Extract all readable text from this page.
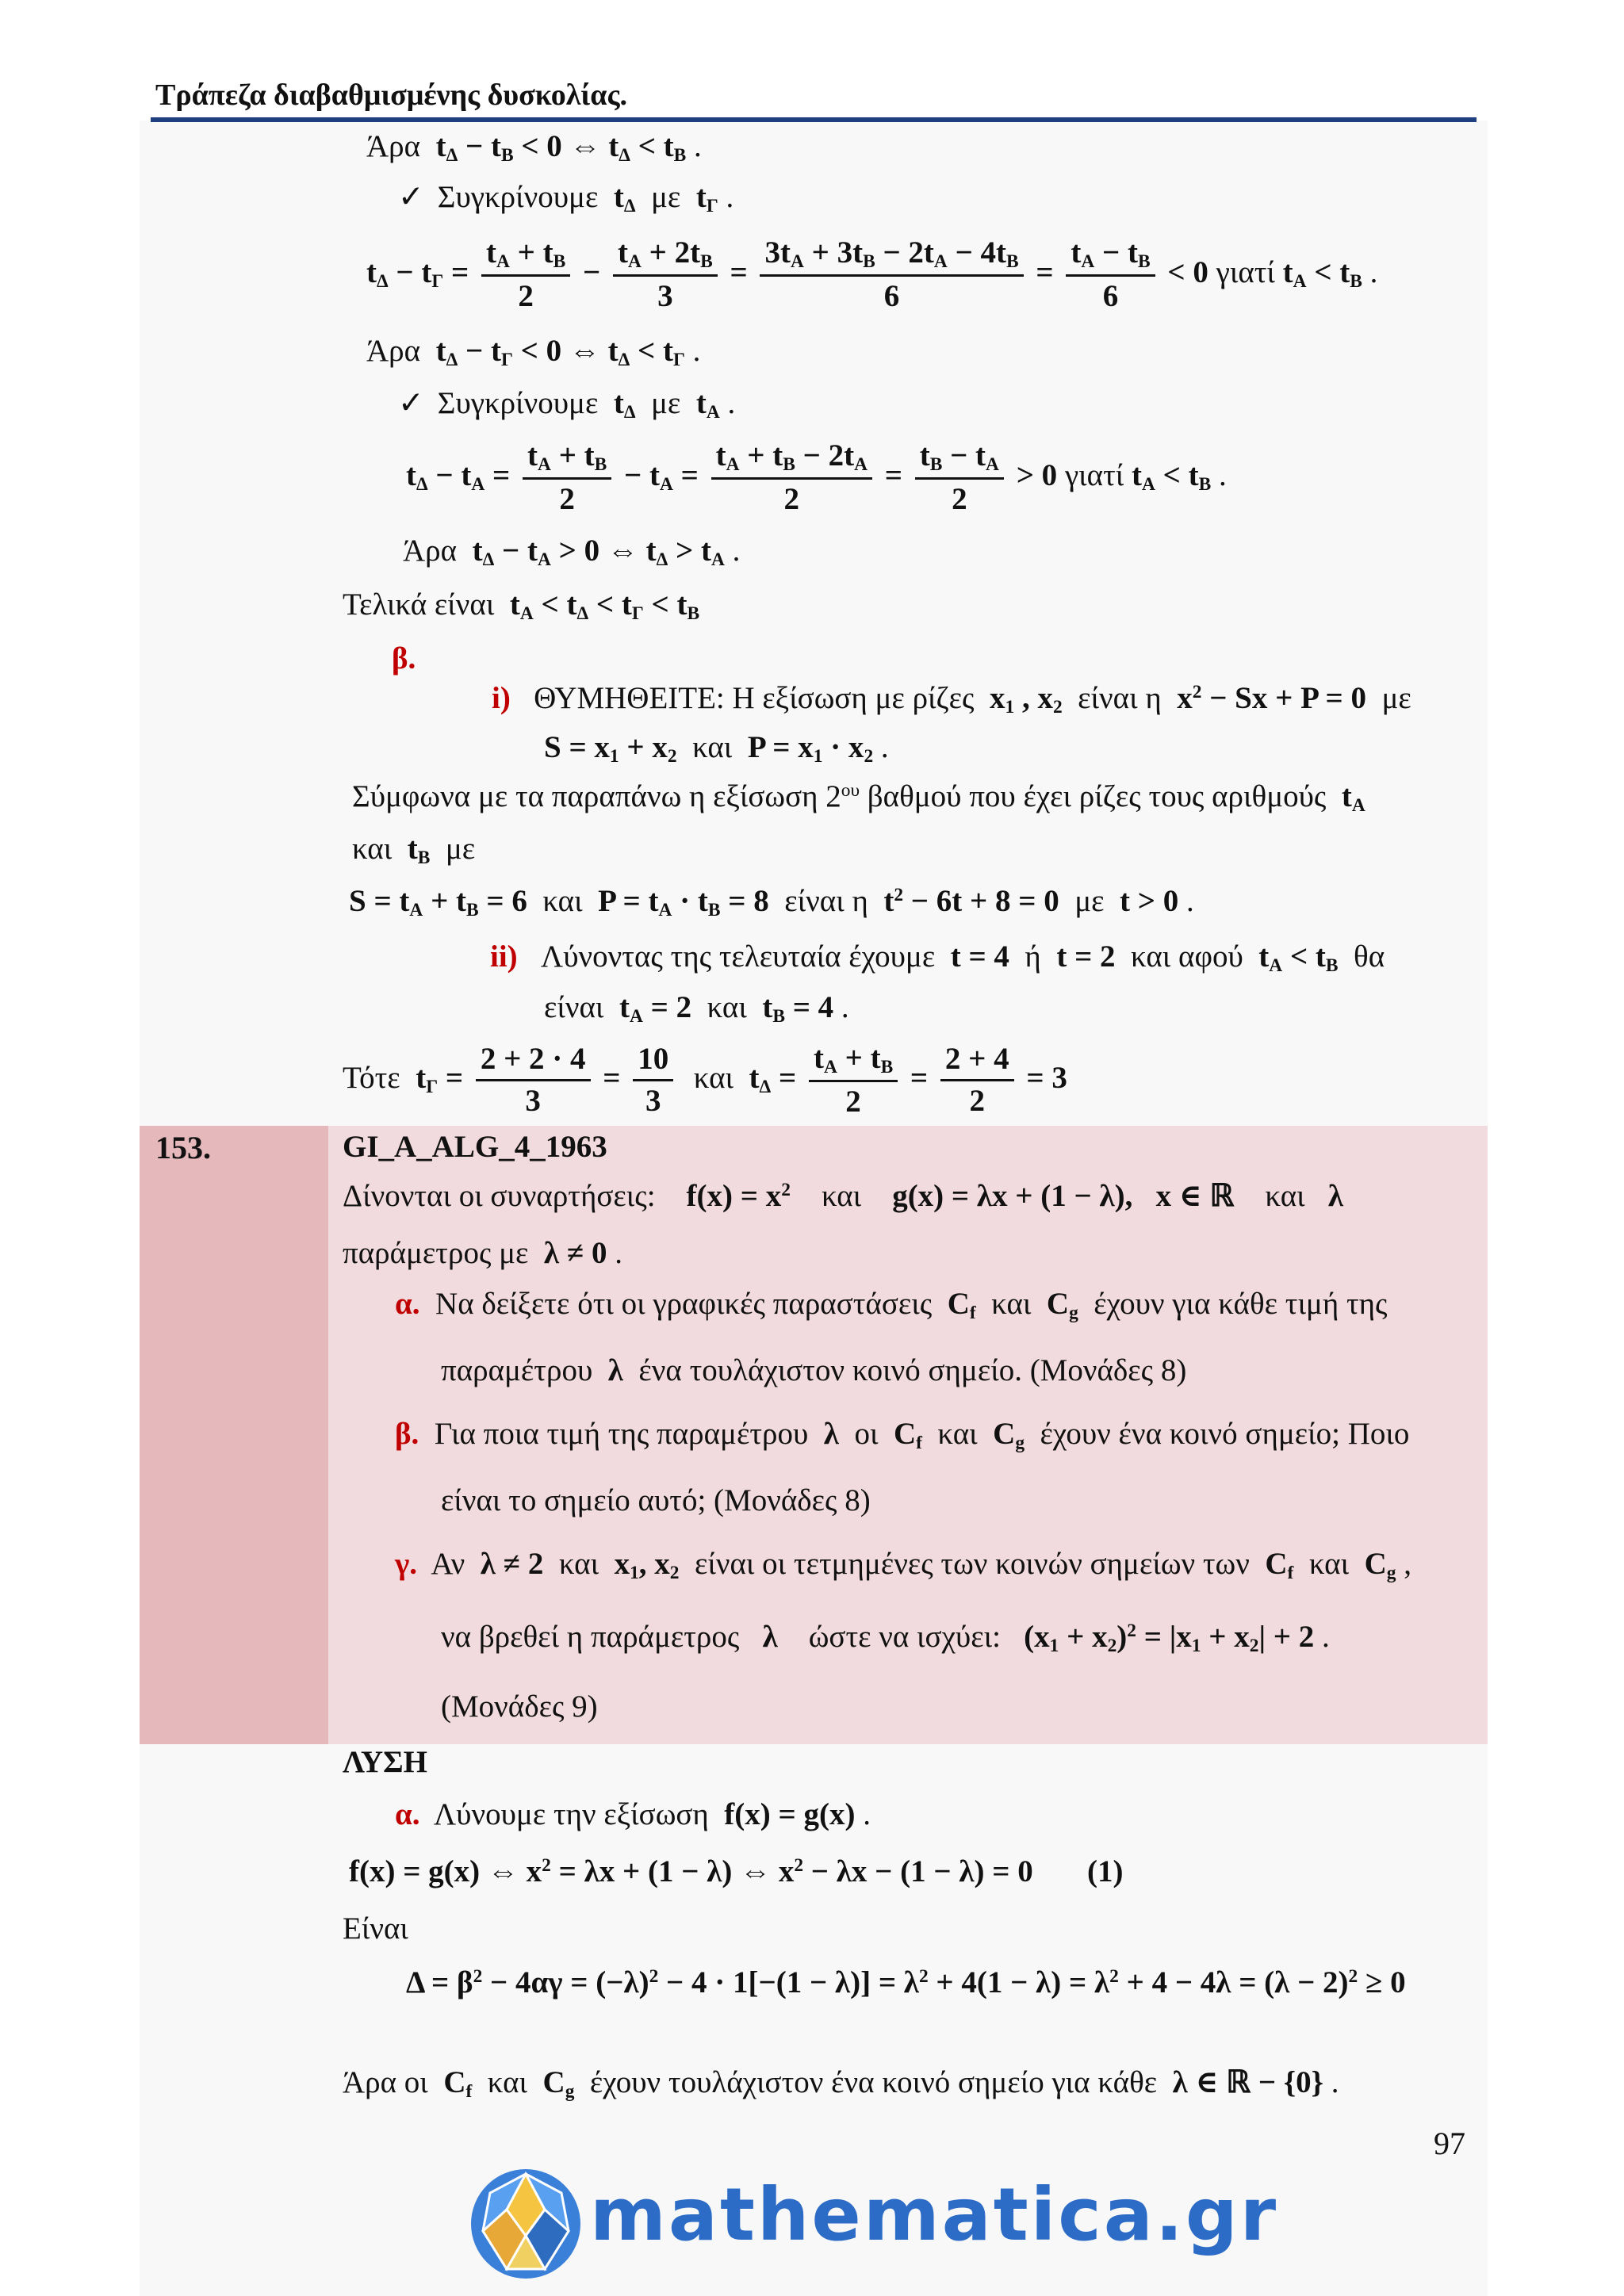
Τράπεζα διαβαθμισμένης δυσκολίας.
Άρα  $t_\Delta - t_B < 0$ ⇔ $t_\Delta < t_B$ .
✓ Συγκρίνουμε  $t_\Delta$ με  $t_\Gamma$ .
$t_\Delta - t_\Gamma = \frac{t_A + t_B}{2} - \frac{t_A + 2t_B}{3} = \frac{3t_A + 3t_B - 2t_A - 4t_B}{6} = \frac{t_A - t_B}{6} < 0$ γιατί $t_A < t_B$ .
Άρα  $t_\Delta - t_\Gamma < 0$ ⇔ $t_\Delta < t_\Gamma$ .
✓ Συγκρίνουμε  $t_\Delta$ με  $t_A$ .
$t_\Delta - t_A = \frac{t_A + t_B}{2} - t_A = \frac{t_A + t_B - 2t_A}{2} = \frac{t_B - t_A}{2} > 0$ γιατί $t_A < t_B$ .
Άρα  $t_\Delta - t_A > 0$ ⇔ $t_\Delta > t_A$ .
Τελικά είναι  $t_A < t_\Delta < t_\Gamma < t_B$
β.
i) ΘΥΜΗΘΕΙΤΕ: Η εξίσωση με ρίζες  $x_1$ , $x_2$ είναι η  $x^2 - Sx + P = 0$ με
$S = x_1 + x_2$ και  $P = x_1 \cdot x_2$ .
Σύμφωνα με τα παραπάνω η εξίσωση $2^{o\upsilon}$ βαθμού που έχει ρίζες τους αριθμούς $t_A$
και  $t_B$ με
$S = t_A + t_B = 6$ και  $P = t_A \cdot t_B = 8$ είναι η  $t^2 - 6t + 8 = 0$ με  t > 0 .
ii) Λύνοντας της τελευταία έχουμε  t = 4 ή  t = 2 και αφού  $t_A < t_B$ θα
είναι  $t_A = 2$ και  $t_B = 4$ .
Τότε  $t_\Gamma = \frac{2 + 2 \cdot 4}{3} = \frac{10}{3}$ και  $t_\Delta = \frac{t_A + t_B}{2} = \frac{2 + 4}{2} = 3$
153.	GI_A_ALG_4_1963
Δίνονται οι συναρτήσεις: $f(x) = x^2$ και g(x) = λx + (1 − λ),   x ∈ ℝ και λ
παράμετρος με  λ ≠ 0 .
α. Να δείξετε ότι οι γραφικές παραστάσεις  $C_f$ και  $C_g$ έχουν για κάθε τιμή της
παραμέτρου  λ  ένα τουλάχιστον κοινό σημείο. (Μονάδες 8)
β. Για ποια τιμή της παραμέτρου  λ  οι  $C_f$ και  $C_g$ έχουν ένα κοινό σημείο; Ποιο
είναι το σημείο αυτό; (Μονάδες 8)
γ. Αν  λ ≠ 2 και  $x_1$, $x_2$ είναι οι τετμημένες των κοινών σημείων των  $C_f$ και  $C_g$ ,
να βρεθεί η παράμετρος λ ώστε να ισχύει: $(x_1 + x_2)^2 = |x_1 + x_2| + 2$ .
(Μονάδες 9)
ΛΥΣΗ
α. Λύνουμε την εξίσωση  f(x) = g(x) .
f(x) = g(x) ⇔ $x^2 = \lambda x + (1 - \lambda)$ ⇔ $x^2 - \lambda x - (1 - \lambda) = 0$       (1)
Είναι
$\Delta = \beta^2 - 4\alpha\gamma = (-\lambda)^2 - 4 \cdot 1[-(1 - \lambda)] = \lambda^2 + 4(1 - \lambda) = \lambda^2 + 4 - 4\lambda = (\lambda - 2)^2 \ge 0$
Άρα οι  $C_f$ και  $C_g$ έχουν τουλάχιστον ένα κοινό σημείο για κάθε  λ ∈ ℝ − {0} .
97
mathematica.gr
